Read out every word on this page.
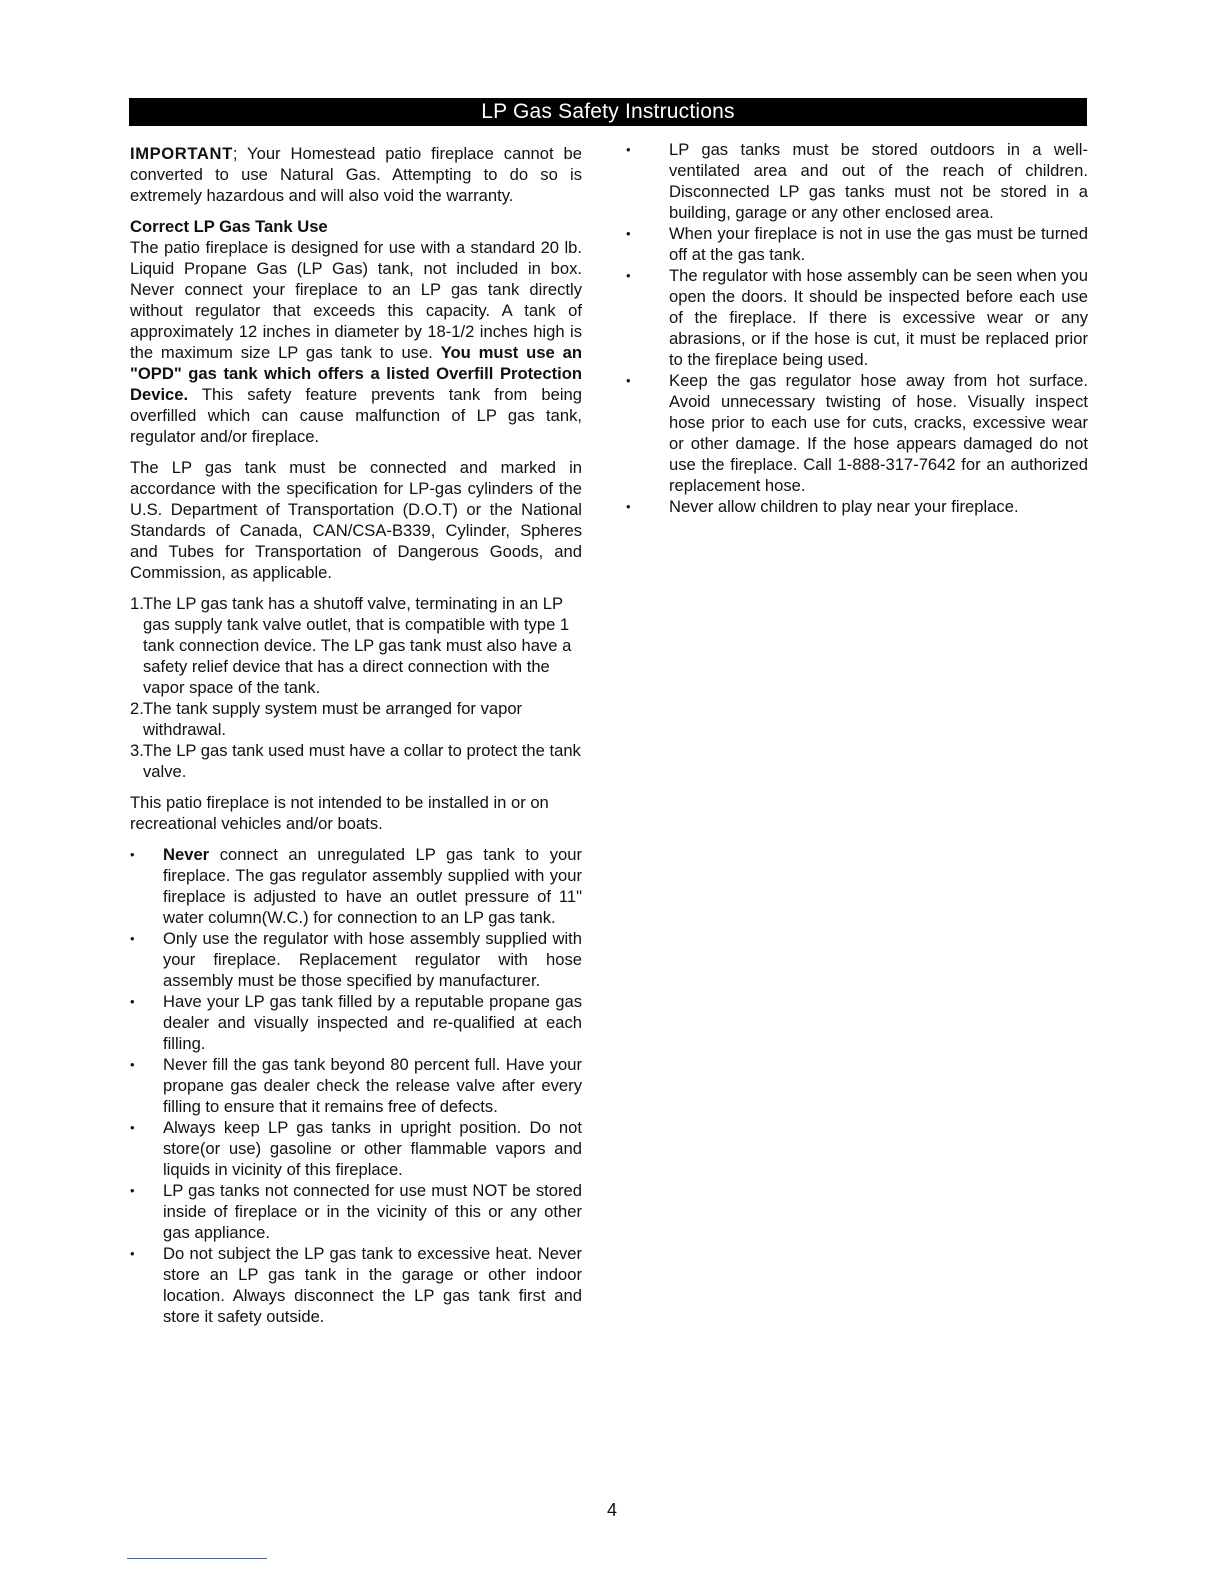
LP Gas Safety Instructions

IMPORTANT; Your Homestead patio fireplace cannot be converted to use Natural Gas. Attempting to do so is extremely hazardous and will also void the warranty.

Correct LP Gas Tank Use

The patio fireplace is designed for use with a standard 20 lb. Liquid Propane Gas (LP Gas) tank, not included in box. Never connect your fireplace to an LP gas tank directly without regulator that exceeds this capacity. A tank of approximately 12 inches in diameter by 18-1/2 inches high is the maximum size LP gas tank to use. You must use an "OPD" gas tank which offers a listed Overfill Protection Device. This safety feature prevents tank from being overfilled which can cause malfunction of LP gas tank, regulator and/or fireplace.

The LP gas tank must be connected and marked in accordance with the specification for LP-gas cylinders of the U.S. Department of Transportation (D.O.T) or the National Standards of Canada, CAN/CSA-B339, Cylinder, Spheres and Tubes for Transportation of Dangerous Goods, and Commission, as applicable.

1. The LP gas tank has a shutoff valve, terminating in an LP gas supply tank valve outlet, that is compatible with type 1 tank connection device. The LP gas tank must also have a safety relief device that has a direct connection with the vapor space of the tank.
2. The tank supply system must be arranged for vapor withdrawal.
3. The LP gas tank used must have a collar to protect the tank valve.

This patio fireplace is not intended to be installed in or on recreational vehicles and/or boats.

• Never connect an unregulated LP gas tank to your fireplace. The gas regulator assembly supplied with your fireplace is adjusted to have an outlet pressure of 11" water column(W.C.) for connection to an LP gas tank.
• Only use the regulator with hose assembly supplied with your fireplace. Replacement regulator with hose assembly must be those specified by manufacturer.
• Have your LP gas tank filled by a reputable propane gas dealer and visually inspected and re-qualified at each filling.
• Never fill the gas tank beyond 80 percent full. Have your propane gas dealer check the release valve after every filling to ensure that it remains free of defects.
• Always keep LP gas tanks in upright position. Do not store(or use) gasoline or other flammable vapors and liquids in vicinity of this fireplace.
• LP gas tanks not connected for use must NOT be stored inside of fireplace or in the vicinity of this or any other gas appliance.
• Do not subject the LP gas tank to excessive heat. Never store an LP gas tank in the garage or other indoor location. Always disconnect the LP gas tank first and store it safety outside.
• LP gas tanks must be stored outdoors in a well-ventilated area and out of the reach of children. Disconnected LP gas tanks must not be stored in a building, garage or any other enclosed area.
• When your fireplace is not in use the gas must be turned off at the gas tank.
• The regulator with hose assembly can be seen when you open the doors. It should be inspected before each use of the fireplace. If there is excessive wear or any abrasions, or if the hose is cut, it must be replaced prior to the fireplace being used.
• Keep the gas regulator hose away from hot surface. Avoid unnecessary twisting of hose. Visually inspect hose prior to each use for cuts, cracks, excessive wear or other damage. If the hose appears damaged do not use the fireplace. Call 1-888-317-7642 for an authorized replacement hose.
• Never allow children to play near your fireplace.
4
